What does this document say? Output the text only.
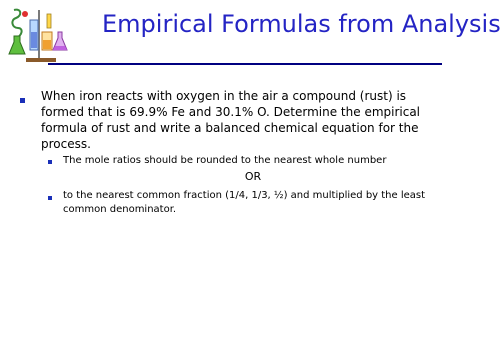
Empirical Formulas from Analysis
When iron reacts with oxygen in the air a compound (rust) is formed that is 69.9% Fe and 30.1% O. Determine the empirical formula of rust and write a balanced chemical equation for the process.
The mole ratios should be rounded to the nearest whole number
OR
to the nearest common fraction (1/4, 1/3, ½) and multiplied by the least common denominator.
